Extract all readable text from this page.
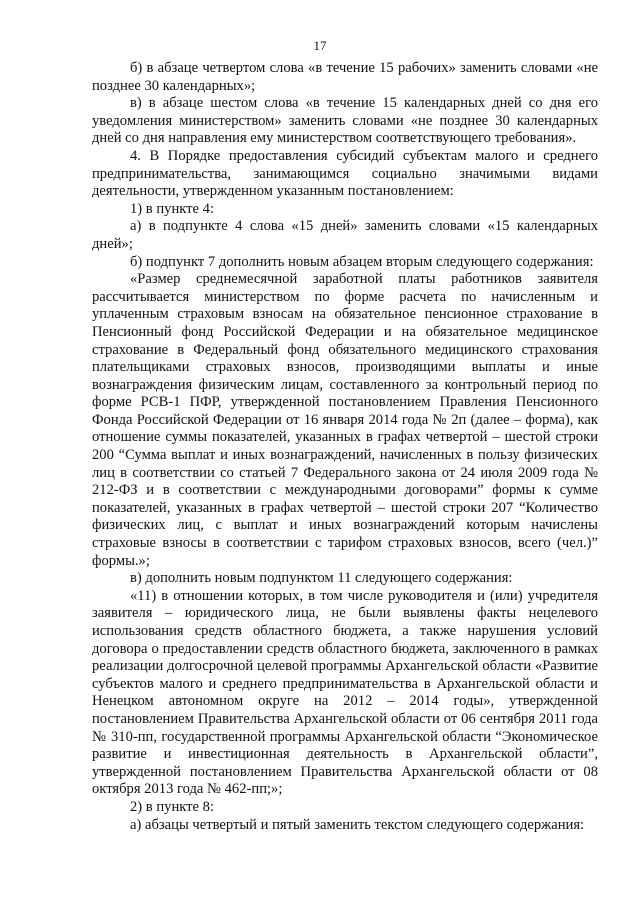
17

б) в абзаце четвертом слова «в течение 15 рабочих» заменить словами «не позднее 30 календарных»;

в) в абзаце шестом слова «в течение 15 календарных дней со дня его уведомления министерством» заменить словами «не позднее 30 календарных дней со дня направления ему министерством соответствующего требования».

4. В Порядке предоставления субсидий субъектам малого и среднего предпринимательства, занимающимся социально значимыми видами деятельности, утвержденном указанным постановлением:

1) в пункте 4:

а) в подпункте 4 слова «15 дней» заменить словами «15 календарных дней»;

б) подпункт 7 дополнить новым абзацем вторым следующего содержания:

«Размер среднемесячной заработной платы работников заявителя рассчитывается министерством по форме расчета по начисленным и уплаченным страховым взносам на обязательное пенсионное страхование в Пенсионный фонд Российской Федерации и на обязательное медицинское страхование в Федеральный фонд обязательного медицинского страхования плательщиками страховых взносов, производящими выплаты и иные вознаграждения физическим лицам, составленного за контрольный период по форме РСВ-1 ПФР, утвержденной постановлением Правления Пенсионного Фонда Российской Федерации от 16 января 2014 года № 2п (далее – форма), как отношение суммы показателей, указанных в графах четвертой – шестой строки 200 “Сумма выплат и иных вознаграждений, начисленных в пользу физических лиц в соответствии со статьей 7 Федерального закона от 24 июля 2009 года № 212-ФЗ и в соответствии с международными договорами” формы к сумме показателей, указанных в графах четвертой – шестой строки 207 “Количество физических лиц, с выплат и иных вознаграждений которым начислены страховые взносы в соответствии с тарифом страховых взносов, всего (чел.)” формы.»;

в) дополнить новым подпунктом 11 следующего содержания:

«11) в отношении которых, в том числе руководителя и (или) учредителя заявителя – юридического лица, не были выявлены факты нецелевого использования средств областного бюджета, а также нарушения условий договора о предоставлении средств областного бюджета, заключенного в рамках реализации долгосрочной целевой программы Архангельской области «Развитие субъектов малого и среднего предпринимательства в Архангельской области и Ненецком автономном округе на 2012 – 2014 годы», утвержденной постановлением Правительства Архангельской области от 06 сентября 2011 года № 310-пп, государственной программы Архангельской области “Экономическое развитие и инвестиционная деятельность в Архангельской области”, утвержденной постановлением Правительства Архангельской области от 08 октября 2013 года № 462-пп;»;

2) в пункте 8:

а) абзацы четвертый и пятый заменить текстом следующего содержания:
